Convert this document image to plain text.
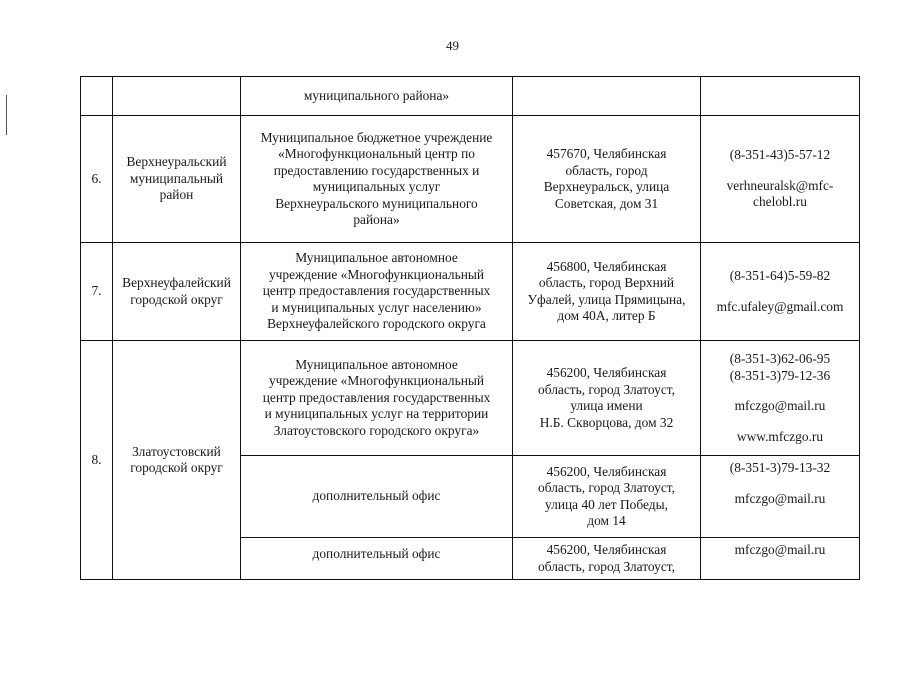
49
муниципального района»
6.
Верхнеуральский
муниципальный
район
Муниципальное бюджетное учреждение
«Многофункциональный центр по
предоставлению государственных и
муниципальных услуг
Верхнеуральского муниципального
района»
457670, Челябинская
область, город
Верхнеуральск, улица
Советская, дом 31
(8-351-43)5-57-12
verhneuralsk@mfc-
chelobl.ru
7.
Верхнеуфалейский
городской округ
Муниципальное автономное
учреждение «Многофункциональный
центр предоставления государственных
и муниципальных услуг населению»
Верхнеуфалейского городского округа
456800, Челябинская
область, город Верхний
Уфалей, улица Прямицына,
дом 40А, литер Б
(8-351-64)5-59-82
mfc.ufaley@gmail.com
8.
Златоустовский
городской округ
Муниципальное автономное
учреждение «Многофункциональный
центр предоставления государственных
и муниципальных услуг на территории
Златоустовского городского округа»
456200, Челябинская
область, город Златоуст,
улица имени
Н.Б. Скворцова, дом 32
(8-351-3)62-06-95
(8-351-3)79-12-36
mfczgo@mail.ru
www.mfczgo.ru
дополнительный офис
456200, Челябинская
область, город Златоуст,
улица 40 лет Победы,
дом 14
(8-351-3)79-13-32
mfczgo@mail.ru
дополнительный офис	456200, Челябинская
область, город Златоуст,
mfczgo@mail.ru
